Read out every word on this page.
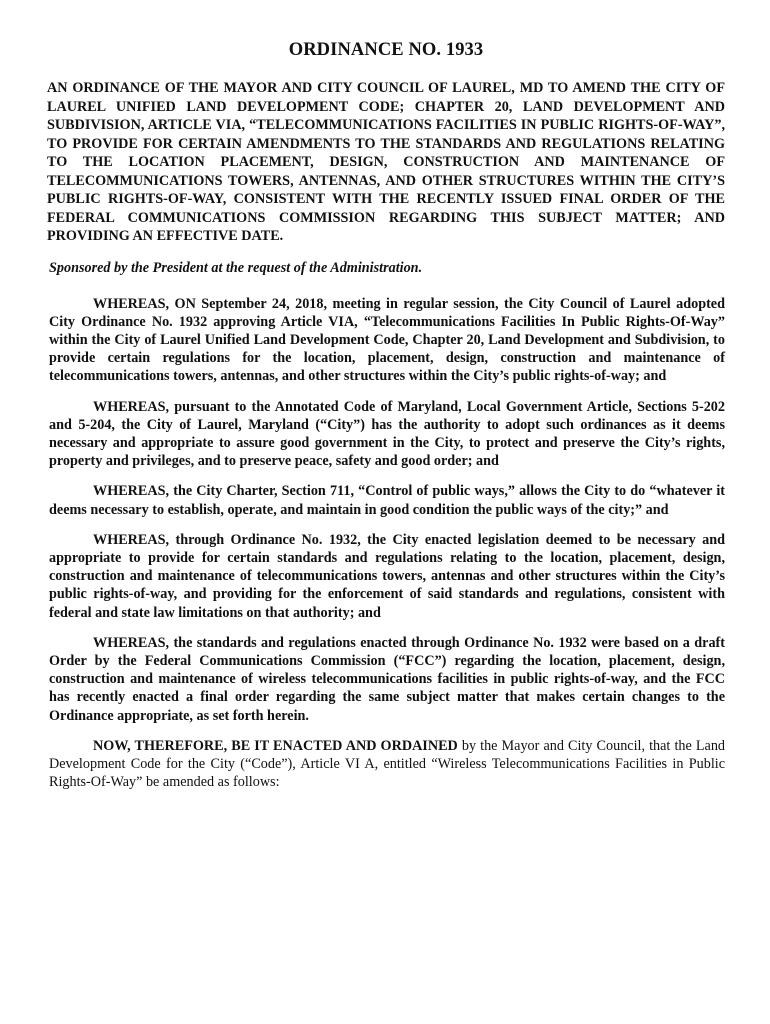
ORDINANCE NO. 1933
AN ORDINANCE OF THE MAYOR AND CITY COUNCIL OF LAUREL, MD TO AMEND THE CITY OF LAUREL UNIFIED LAND DEVELOPMENT CODE; CHAPTER 20, LAND DEVELOPMENT AND SUBDIVISION, ARTICLE VIA, “TELECOMMUNICATIONS FACILITIES IN PUBLIC RIGHTS-OF-WAY”, TO PROVIDE FOR CERTAIN AMENDMENTS TO THE STANDARDS AND REGULATIONS RELATING TO THE LOCATION PLACEMENT, DESIGN, CONSTRUCTION AND MAINTENANCE OF TELECOMMUNICATIONS TOWERS, ANTENNAS, AND OTHER STRUCTURES WITHIN THE CITY’S PUBLIC RIGHTS-OF-WAY, CONSISTENT WITH THE RECENTLY ISSUED FINAL ORDER OF THE FEDERAL COMMUNICATIONS COMMISSION REGARDING THIS SUBJECT MATTER; AND PROVIDING AN EFFECTIVE DATE.
Sponsored by the President at the request of the Administration.

WHEREAS, ON September 24, 2018, meeting in regular session, the City Council of Laurel adopted City Ordinance No. 1932 approving Article VIA, “Telecommunications Facilities In Public Rights-Of-Way” within the City of Laurel Unified Land Development Code, Chapter 20, Land Development and Subdivision, to provide certain regulations for the location, placement, design, construction and maintenance of telecommunications towers, antennas, and other structures within the City’s public rights-of-way; and

WHEREAS, pursuant to the Annotated Code of Maryland, Local Government Article, Sections 5-202 and 5-204, the City of Laurel, Maryland (“City”) has the authority to adopt such ordinances as it deems necessary and appropriate to assure good government in the City, to protect and preserve the City’s rights, property and privileges, and to preserve peace, safety and good order; and

WHEREAS, the City Charter, Section 711, “Control of public ways,” allows the City to do “whatever it deems necessary to establish, operate, and maintain in good condition the public ways of the city;” and

WHEREAS, through Ordinance No. 1932, the City enacted legislation deemed to be necessary and appropriate to provide for certain standards and regulations relating to the location, placement, design, construction and maintenance of telecommunications towers, antennas and other structures within the City’s public rights-of-way, and providing for the enforcement of said standards and regulations, consistent with federal and state law limitations on that authority; and

WHEREAS, the standards and regulations enacted through Ordinance No. 1932 were based on a draft Order by the Federal Communications Commission (“FCC”) regarding the location, placement, design, construction and maintenance of wireless telecommunications facilities in public rights-of-way, and the FCC has recently enacted a final order regarding the same subject matter that makes certain changes to the Ordinance appropriate, as set forth herein.

NOW, THEREFORE, BE IT ENACTED AND ORDAINED by the Mayor and City Council, that the Land Development Code for the City (“Code”), Article VI A, entitled “Wireless Telecommunications Facilities in Public Rights-Of-Way” be amended as follows:
